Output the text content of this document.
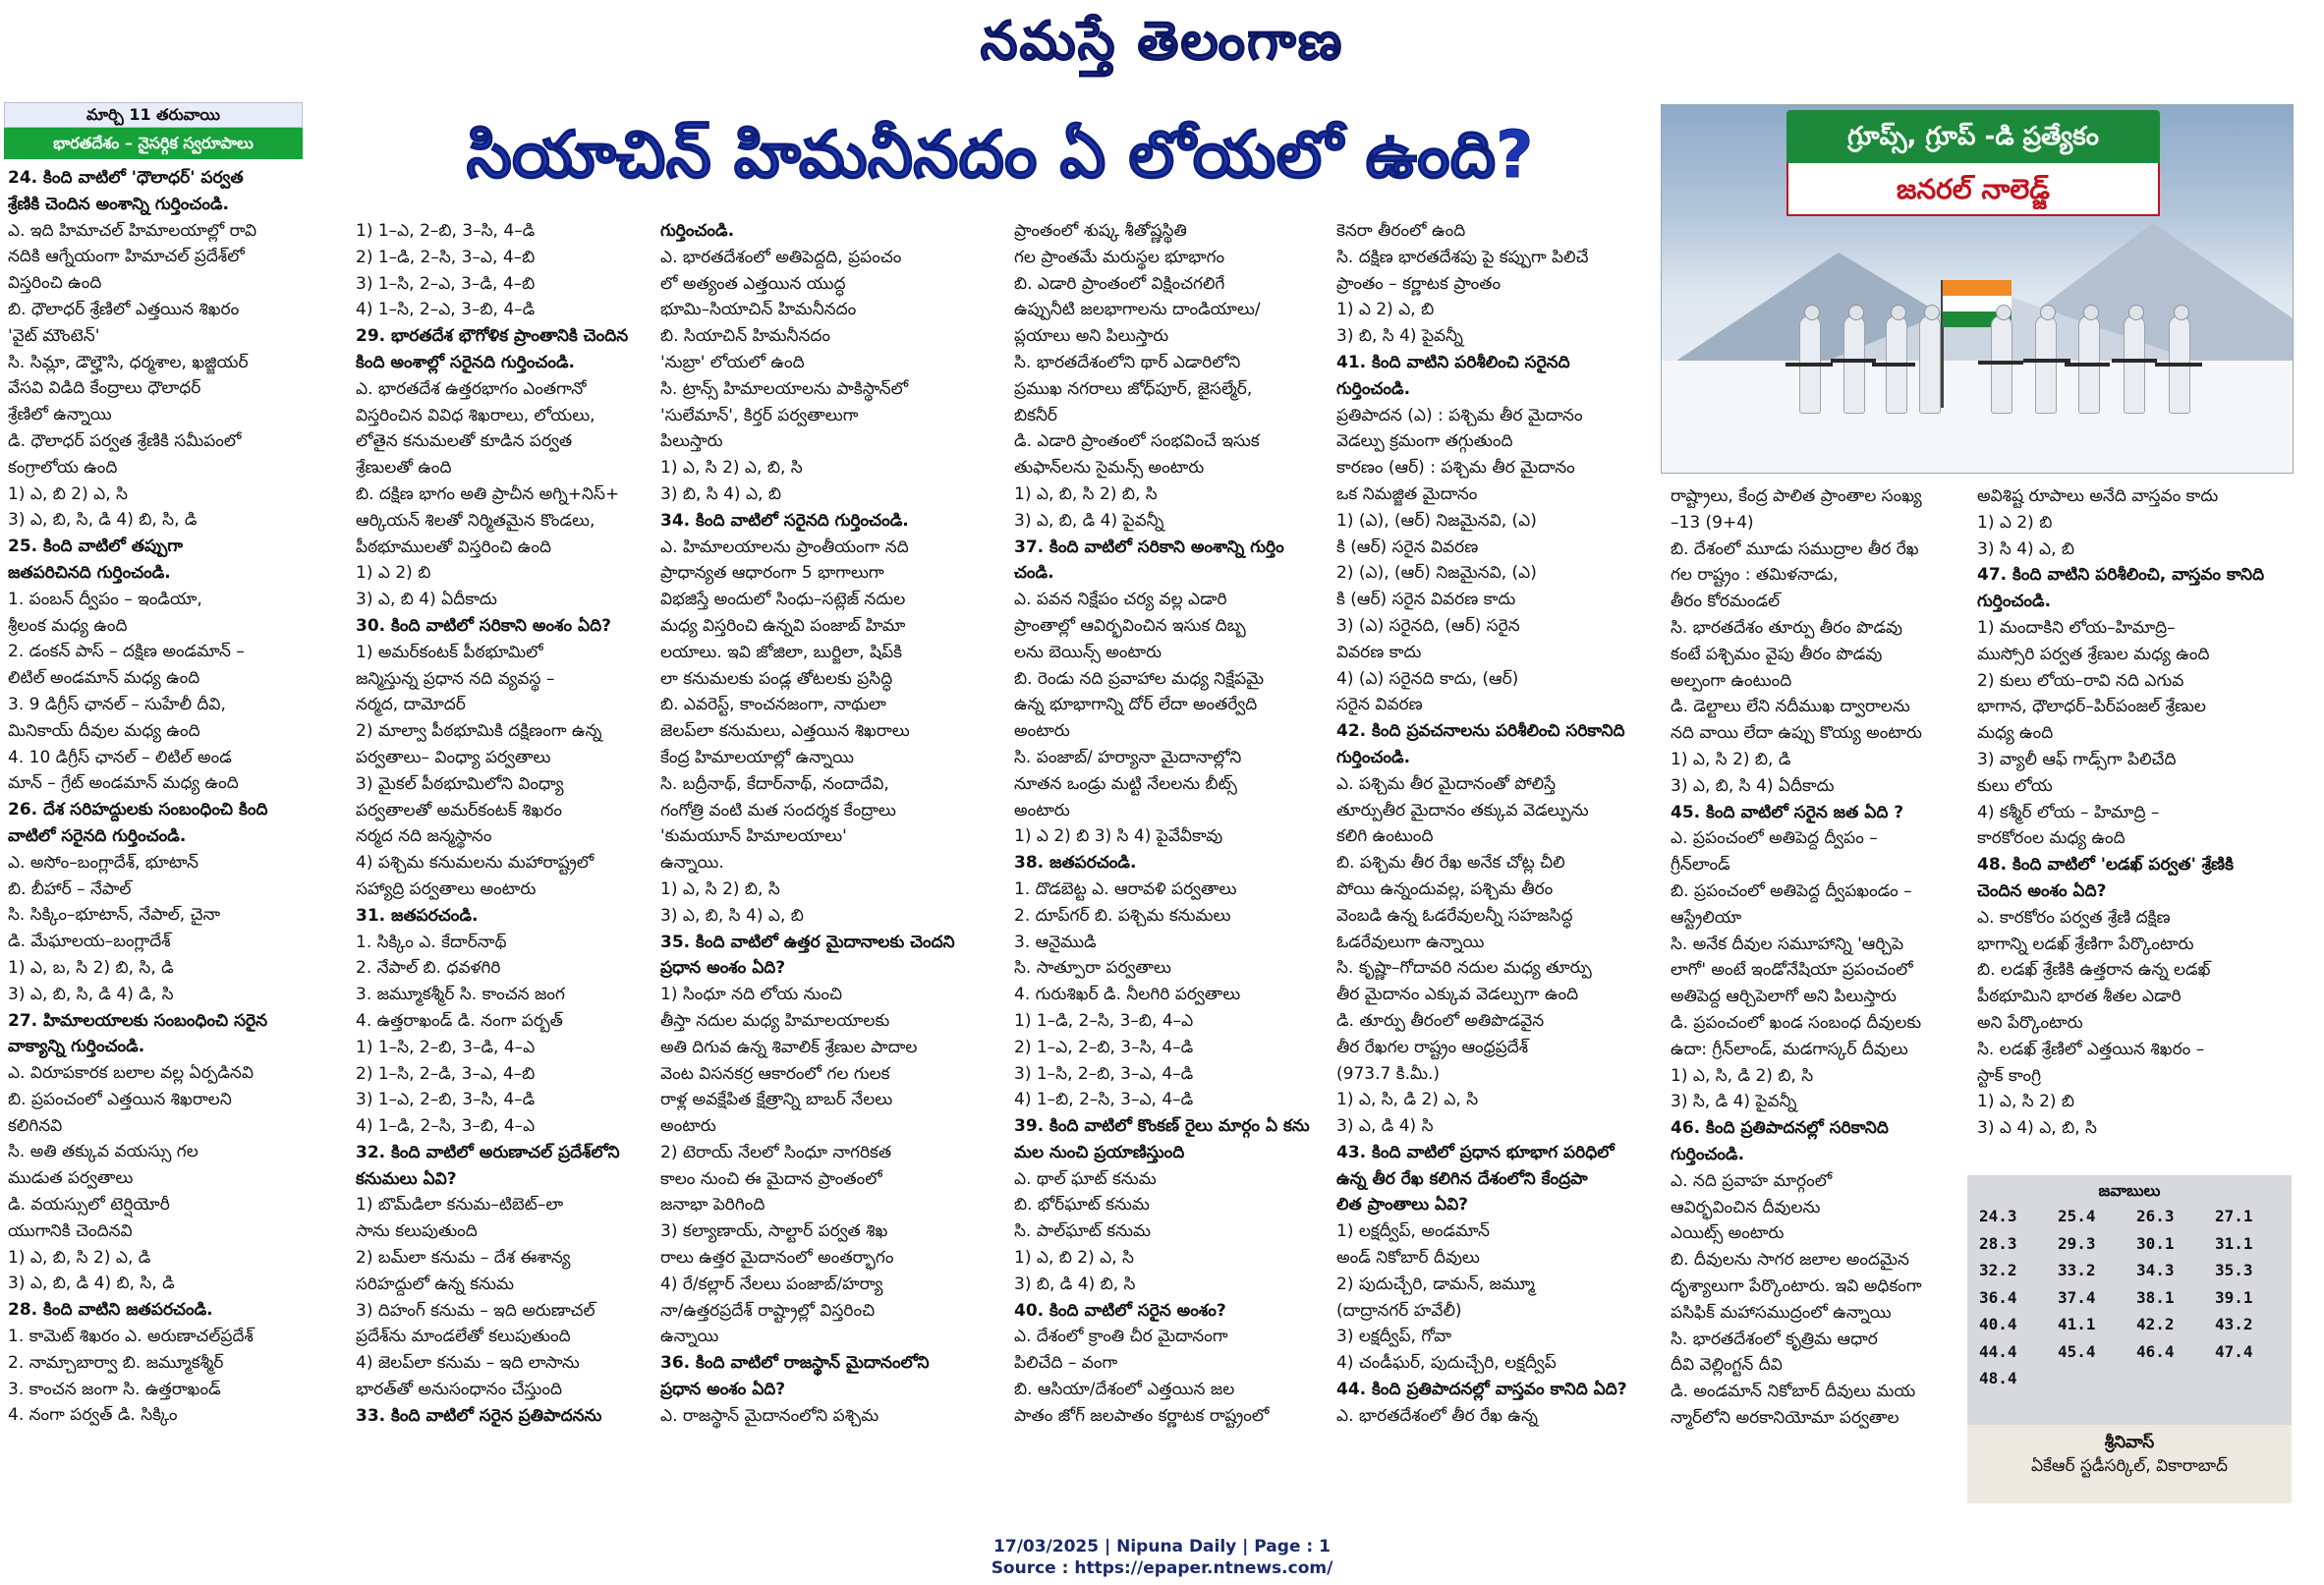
నమస్తే తెలంగాణ
మార్చి 11 తరువాయి
భారతదేశం – నైసర్గిక స్వరూపాలు	సియాచిన్ హిమనీనదం ఏ లోయలో ఉంది?

24. కింది వాటిలో 'ధౌలాధర్' పర్వత

శ్రేణికి చెందిన అంశాన్ని గుర్తించండి.

ఎ. ఇది హిమాచల్ హిమాలయాల్లో రావి

నదికి ఆగ్నేయంగా హిమాచల్ ప్రదేశ్‌లో

విస్తరించి ఉంది

బి. ధౌలాధర్ శ్రేణిలో ఎత్తయిన శిఖరం

'వైట్ మౌంటెన్'

సి. సిమ్లా, డౌల్హౌసి, ధర్మశాల, ఖజ్జియర్

వేసవి విడిది కేంద్రాలు ధౌలాధర్

శ్రేణిలో ఉన్నాయి

డి. ధౌలాధర్ పర్వత శ్రేణికి సమీపంలో

కంగ్రాలోయ ఉంది

1) ఎ, బి 2) ఎ, సి

3) ఎ, బి, సి, డి 4) బి, సి, డి

25. కింది వాటిలో తప్పుగా

జతపరిచినది గుర్తించండి.

1. పంబన్ ద్వీపం – ఇండియా,

శ్రీలంక మధ్య ఉంది

2. డంకన్ పాస్ – దక్షిణ అండమాన్ –

లిటిల్ అండమాన్ మధ్య ఉంది

3. 9 డిగ్రీస్ ఛానల్ – సుహేలీ దీవి,

మినికాయ్ దీవుల మధ్య ఉంది

4. 10 డిగ్రీస్ ఛానల్ – లిటిల్ అండ

మాన్ – గ్రేట్ అండమాన్ మధ్య ఉంది

26. దేశ సరిహద్దులకు సంబంధించి కింది

వాటిలో సరైనది గుర్తించండి.

ఎ. అసోం–బంగ్లాదేశ్, భూటాన్

బి. బీహార్ – నేపాల్

సి. సిక్కిం–భూటాన్, నేపాల్, చైనా

డి. మేఘాలయ–బంగ్లాదేశ్

1) ఎ, బ, సి 2) బి, సి, డి

3) ఎ, బి, సి, డి 4) డి, సి

27. హిమాలయాలకు సంబంధించి సరైన

వాక్యాన్ని గుర్తించండి.

ఎ. విరూపకారక బలాల వల్ల ఏర్పడినవి

బి. ప్రపంచంలో ఎత్తయిన శిఖరాలని

కలిగినవి

సి. అతి తక్కువ వయస్సు గల

ముడుత పర్వతాలు

డి. వయస్సులో టెర్షియోరీ

యుగానికి చెందినవి

1) ఎ, బి, సి 2) ఎ, డి

3) ఎ, బి, డి 4) బి, సి, డి

28. కింది వాటిని జతపరచండి.

1. కామెట్ శిఖరం ఎ. అరుణాచల్‌ప్రదేశ్

2. నామ్చాబార్వా బి. జమ్మూకశ్మీర్

3. కాంచన జంగా సి. ఉత్తరాఖండ్

4. నంగా పర్వత్ డి. సిక్కిం

1) 1–ఎ, 2–బి, 3–సి, 4–డి

2) 1–డి, 2–సి, 3–ఎ, 4–బి

3) 1–సి, 2–ఎ, 3–డి, 4–బి

4) 1–సి, 2–ఎ, 3–బి, 4–డి

29. భారతదేశ భౌగోళిక ప్రాంతానికి చెందిన

కింది అంశాల్లో సరైనది గుర్తించండి.

ఎ. భారతదేశ ఉత్తరభాగం ఎంతగానో

విస్తరించిన వివిధ శిఖరాలు, లోయలు,

లోతైన కనుమలతో కూడిన పర్వత

శ్రేణులతో ఉంది

బి. దక్షిణ భాగం అతి ప్రాచీన అగ్ని+నిస్+

ఆర్కియన్ శిలతో నిర్మితమైన కొండలు,

పీఠభూములతో విస్తరించి ఉంది

1) ఎ 2) బి

3) ఎ, బి 4) ఏదీకాదు

30. కింది వాటిలో సరికాని అంశం ఏది?

1) అమర్‌కంటక్ పీఠభూమిలో

జన్మిస్తున్న ప్రధాన నది వ్యవస్థ –

నర్మద, దామోదర్

2) మాల్వా పీఠభూమికి దక్షిణంగా ఉన్న

పర్వతాలు– వింధ్యా పర్వతాలు

3) మైకల్ పీఠభూమిలోని వింధ్యా

పర్వతాలతో అమర్‌కంటక్ శిఖరం

నర్మద నది జన్మస్థానం

4) పశ్చిమ కనుమలను మహారాష్ట్రలో

సహ్యాద్రి పర్వతాలు అంటారు

31. జతపరచండి.

1. సిక్కిం ఎ. కేదార్‌నాథ్

2. నేపాల్ బి. ధవళగిరి

3. జమ్మూకశ్మీర్ సి. కాంచన జంగ

4. ఉత్తరాఖండ్ డి. నంగా పర్బత్

1) 1–సి, 2–బి, 3–డి, 4–ఎ

2) 1–సి, 2–డి, 3–ఎ, 4–బి

3) 1–ఎ, 2–బి, 3–సి, 4–డి

4) 1–డి, 2–సి, 3–బి, 4–ఎ

32. కింది వాటిలో అరుణాచల్ ప్రదేశ్‌లోని

కనుమలు ఏవి?

1) బొమ్‌డిలా కనుమ–టిబెట్–లా

సాను కలుపుతుంది

2) బమ్‌లా కనుమ – దేశ ఈశాన్య

సరిహద్దులో ఉన్న కనుమ

3) దిహంగ్ కనుమ – ఇది అరుణాచల్

ప్రదేశ్‌ను మాండలేతో కలుపుతుంది

4) జెలప్‌లా కనుమ – ఇది లాసాను

భారత్‌తో అనుసంధానం చేస్తుంది

33. కింది వాటిలో సరైన ప్రతిపాదనను

గుర్తించండి.

ఎ. భారతదేశంలో అతిపెద్దది, ప్రపంచం

లో అత్యంత ఎత్తయిన యుద్ధ

భూమి–సియాచిన్ హిమనీనదం

బి. సియాచిన్ హిమనీనదం

'నుబ్రా' లోయలో ఉంది

సి. ట్రాన్స్ హిమాలయాలను పాకిస్థాన్‌లో

'సులేమాన్', కిర్తర్ పర్వతాలుగా

పిలుస్తారు

1) ఎ, సి 2) ఎ, బి, సి

3) బి, సి 4) ఎ, బి

34. కింది వాటిలో సరైనది గుర్తించండి.

ఎ. హిమాలయాలను ప్రాంతీయంగా నది

ప్రాధాన్యత ఆధారంగా 5 భాగాలుగా

విభజిస్తే అందులో సింధు–సట్లెజ్ నదుల

మధ్య విస్తరించి ఉన్నవి పంజాబ్ హిమా

లయాలు. ఇవి జోజిలా, బుర్జిలా, షిప్‌కి

లా కనుమలకు పండ్ల తోటలకు ప్రసిద్ధి

బి. ఎవరెస్ట్, కాంచనజంగా, నాథులా

జెలప్‌లా కనుమలు, ఎత్తయిన శిఖరాలు

కేంద్ర హిమాలయాల్లో ఉన్నాయి

సి. బద్రీనాథ్, కేదార్‌నాథ్, నందాదేవి,

గంగోత్రి వంటి మత సందర్శక కేంద్రాలు

'కుమయూన్ హిమాలయాలు'

ఉన్నాయి.

1) ఎ, సి 2) బి, సి

3) ఎ, బి, సి 4) ఎ, బి

35. కింది వాటిలో ఉత్తర మైదానాలకు చెందని

ప్రధాన అంశం ఏది?

1) సింధూ నది లోయ నుంచి

తీస్తా నదుల మధ్య హిమాలయాలకు

అతి దిగువ ఉన్న శివాలిక్ శ్రేణుల పాదాల

వెంట విసనకర్ర ఆకారంలో గల గులక

రాళ్ల అవక్షేపిత క్షేత్రాన్ని బాబర్ నేలలు

అంటారు

2) టెరాయ్ నేలలో సింధూ నాగరికత

కాలం నుంచి ఈ మైదాన ప్రాంతంలో

జనాభా పెరిగింది

3) కల్యాణాయ్, సాల్టార్ పర్వత శిఖ

రాలు ఉత్తర మైదానంలో అంతర్భాగం

4) రే/కల్లార్ నేలలు పంజాబ్/హర్యా

నా/ఉత్తరప్రదేశ్ రాష్ట్రాల్లో విస్తరించి

ఉన్నాయి

36. కింది వాటిలో రాజస్థాన్ మైదానంలోని

ప్రధాన అంశం ఏది?

ఎ. రాజస్థాన్ మైదానంలోని పశ్చిమ

ప్రాంతంలో శుష్క శీతోష్ణస్థితి

గల ప్రాంతమే మరుస్థల భూభాగం

బి. ఎడారి ప్రాంతంలో విక్షించగలిగే

ఉప్పునీటి జలభాగాలను దాండియాలు/

ప్లయాలు అని పిలుస్తారు

సి. భారతదేశంలోని థార్ ఎడారిలోని

ప్రముఖ నగరాలు జోధ్‌పూర్, జైసల్మేర్,

బికనీర్

డి. ఎడారి ప్రాంతంలో సంభవించే ఇసుక

తుఫాన్‌లను సైమన్స్ అంటారు

1) ఎ, బి, సి 2) బి, సి

3) ఎ, బి, డి 4) పైవన్నీ

37. కింది వాటిలో సరికాని అంశాన్ని గుర్తిం

చండి.

ఎ. పవన నిక్షేపం చర్య వల్ల ఎడారి

ప్రాంతాల్లో ఆవిర్భవించిన ఇసుక దిబ్బ

లను బెయిన్స్ అంటారు

బి. రెండు నది ప్రవాహాల మధ్య నిక్షేపమై

ఉన్న భూభాగాన్ని దోర్ లేదా అంతర్వేది

అంటారు

సి. పంజాబ్/ హర్యానా మైదానాల్లోని

నూతన ఒండ్రు మట్టి నేలలను బీట్స్

అంటారు

1) ఎ 2) బి 3) సి 4) పైవేవీకావు

38. జతపరచండి.

1. దొడబెట్ట ఎ. ఆరావళి పర్వతాలు

2. దూప్‌గర్ బి. పశ్చిమ కనుమలు

3. ఆనైముడి

సి. సాత్పూరా పర్వతాలు

4. గురుశిఖర్ డి. నీలగిరి పర్వతాలు

1) 1–డి, 2–సి, 3–బి, 4–ఎ

2) 1–ఎ, 2–బి, 3–సి, 4–డి

3) 1–సి, 2–బి, 3–ఎ, 4–డి

4) 1–బి, 2–సి, 3–ఎ, 4–డి

39. కింది వాటిలో కొంకణ్ రైలు మార్గం ఏ కను

మల నుంచి ప్రయాణిస్తుంది

ఎ. థాల్ ఘాట్ కనుమ

బి. భోర్‌ఘాట్ కనుమ

సి. పాల్‌ఘాట్ కనుమ

1) ఎ, బి 2) ఎ, సి

3) బి, డి 4) బి, సి

40. కింది వాటిలో సరైన అంశం?

ఎ. దేశంలో క్రాంతి చీర మైదానంగా

పిలిచేది – వంగా

బి. ఆసియా/దేశంలో ఎత్తయిన జల

పాతం జోగ్ జలపాతం కర్ణాటక రాష్ట్రంలో

కెనరా తీరంలో ఉంది

సి. దక్షిణ భారతదేశపు పై కప్పుగా పిలిచే

ప్రాంతం – కర్ణాటక ప్రాంతం

1) ఎ 2) ఎ, బి

3) బి, సి 4) పైవన్నీ

41. కింది వాటిని పరిశీలించి సరైనది

గుర్తించండి.

ప్రతిపాదన (ఎ) : పశ్చిమ తీర మైదానం

వెడల్పు క్రమంగా తగ్గుతుంది

కారణం (ఆర్) : పశ్చిమ తీర మైదానం

ఒక నిమజ్జిత మైదానం

1) (ఎ), (ఆర్) నిజమైనవి, (ఎ)

కి (ఆర్) సరైన వివరణ

2) (ఎ), (ఆర్) నిజమైనవి, (ఎ)

కి (ఆర్) సరైన వివరణ కాదు

3) (ఎ) సరైనది, (ఆర్) సరైన

వివరణ కాదు

4) (ఎ) సరైనది కాదు, (ఆర్)

సరైన వివరణ

42. కింది ప్రవచనాలను పరిశీలించి సరికానిది

గుర్తించండి.

ఎ. పశ్చిమ తీర మైదానంతో పోలిస్తే

తూర్పుతీర మైదానం తక్కువ వెడల్పును

కలిగి ఉంటుంది

బి. పశ్చిమ తీర రేఖ అనేక చోట్ల చీలి

పోయి ఉన్నందువల్ల, పశ్చిమ తీరం

వెంబడి ఉన్న ఓడరేవులన్నీ సహజసిద్ధ

ఓడరేవులుగా ఉన్నాయి

సి. కృష్ణా–గోదావరి నదుల మధ్య తూర్పు

తీర మైదానం ఎక్కువ వెడల్పుగా ఉంది

డి. తూర్పు తీరంలో అతిపొడవైన

తీర రేఖగల రాష్ట్రం ఆంధ్రప్రదేశ్

(973.7 కి.మీ.)

1) ఎ, సి, డి 2) ఎ, సి

3) ఎ, డి 4) సి

43. కింది వాటిలో ప్రధాన భూభాగ పరిధిలో

ఉన్న తీర రేఖ కలిగిన దేశంలోని కేంద్రపా

లిత ప్రాంతాలు ఏవి?

1) లక్షద్వీప్, అండమాన్

అండ్ నికోబార్ దీవులు

2) పుదుచ్చేరి, డామన్, జమ్మూ

(దాద్రానగర్ హవేలీ)

3) లక్షద్వీప్, గోవా

4) చండీఘర్, పుదుచ్చేరి, లక్షద్వీప్

44. కింది ప్రతిపాదనల్లో వాస్తవం కానిది ఏది?

ఎ. భారతదేశంలో తీర రేఖ ఉన్న

రాష్ట్రాలు, కేంద్ర పాలిత ప్రాంతాల సంఖ్య

–13 (9+4)

బి. దేశంలో మూడు సముద్రాల తీర రేఖ

గల రాష్ట్రం : తమిళనాడు,

తీరం కోరమండల్

సి. భారతదేశం తూర్పు తీరం పొడవు

కంటే పశ్చిమం వైపు తీరం పొడవు

అల్పంగా ఉంటుంది

డి. డెల్టాలు లేని నదీముఖ ద్వారాలను

నది వాయి లేదా ఉప్పు కొయ్య అంటారు

1) ఎ, సి 2) బి, డి

3) ఎ, బి, సి 4) ఏదీకాదు

45. కింది వాటిలో సరైన జత ఏది ?

ఎ. ప్రపంచంలో అతిపెద్ద ద్వీపం –

గ్రీన్‌లాండ్

బి. ప్రపంచంలో అతిపెద్ద ద్వీపఖండం –

ఆస్ట్రేలియా

సి. అనేక దీవుల సమూహాన్ని 'ఆర్చిపె

లాగో' అంటే ఇండోనేషియా ప్రపంచంలో

అతిపెద్ద ఆర్చిపెలాగో అని పిలుస్తారు

డి. ప్రపంచంలో ఖండ సంబంధ దీవులకు

ఉదా: గ్రీన్‌లాండ్, మడగాస్కర్ దీవులు

1) ఎ, సి, డి 2) బి, సి

3) సి, డి 4) పైవన్నీ

46. కింది ప్రతిపాదనల్లో సరికానిది

గుర్తించండి.

ఎ. నది ప్రవాహ మార్గంలో

ఆవిర్భవించిన దీవులను

ఎయిట్స్ అంటారు

బి. దీవులను సాగర జలాల అందమైన

దృశ్యాలుగా పేర్కొంటారు. ఇవి అధికంగా

పసిఫిక్ మహాసముద్రంలో ఉన్నాయి

సి. భారతదేశంలో కృత్రిమ ఆధార

దీవి వెల్లింగ్టన్ దీవి

డి. అండమాన్ నికోబార్ దీవులు మయ

న్మార్‌లోని అరకానియోమా పర్వతాల

అవిశిష్ట రూపాలు అనేది వాస్తవం కాదు

1) ఎ 2) బి

3) సి 4) ఎ, బి

47. కింది వాటిని పరిశీలించి, వాస్తవం కానిది

గుర్తించండి.

1) మందాకిని లోయ–హిమాద్రి–

ముస్సోరి పర్వత శ్రేణుల మధ్య ఉంది

2) కులు లోయ–రావి నది ఎగువ

భాగాన, ధౌలాధర్–పిర్‌పంజల్ శ్రేణుల

మధ్య ఉంది

3) వ్యాలీ ఆఫ్ గాడ్స్‌గా పిలిచేది

కులు లోయ

4) కశ్మీర్ లోయ – హిమాద్రి –

కారకోరంల మధ్య ఉంది

48. కింది వాటిలో 'లడఖ్ పర్వత' శ్రేణికి

చెందిన అంశం ఏది?

ఎ. కారకోరం పర్వత శ్రేణి దక్షిణ

భాగాన్ని లడఖ్ శ్రేణిగా పేర్కొంటారు

బి. లడఖ్ శ్రేణికి ఉత్తరాన ఉన్న లడఖ్

పీఠభూమిని భారత శీతల ఎడారి

అని పేర్కొంటారు

సి. లడఖ్ శ్రేణిలో ఎత్తయిన శిఖరం –

స్టాక్ కాంగ్రి

1) ఎ, సి 2) బి

3) ఎ 4) ఎ, బి, సి

గ్రూప్స్, గ్రూప్ -డి ప్రత్యేకం
జనరల్ నాలెడ్జ్
జవాబులు
24.3	25.4	26.3	27.1
28.3	29.3	30.1	31.1
32.2	33.2	34.3	35.3
36.4	37.4	38.1	39.1
40.4	41.1	42.2	43.2
44.4	45.4	46.4	47.4
48.4			
శ్రీనివాస్
ఏకేఆర్ స్టడీసర్కిల్, వికారాబాద్
17/03/2025 | Nipuna Daily | Page : 1
Source : https://epaper.ntnews.com/
